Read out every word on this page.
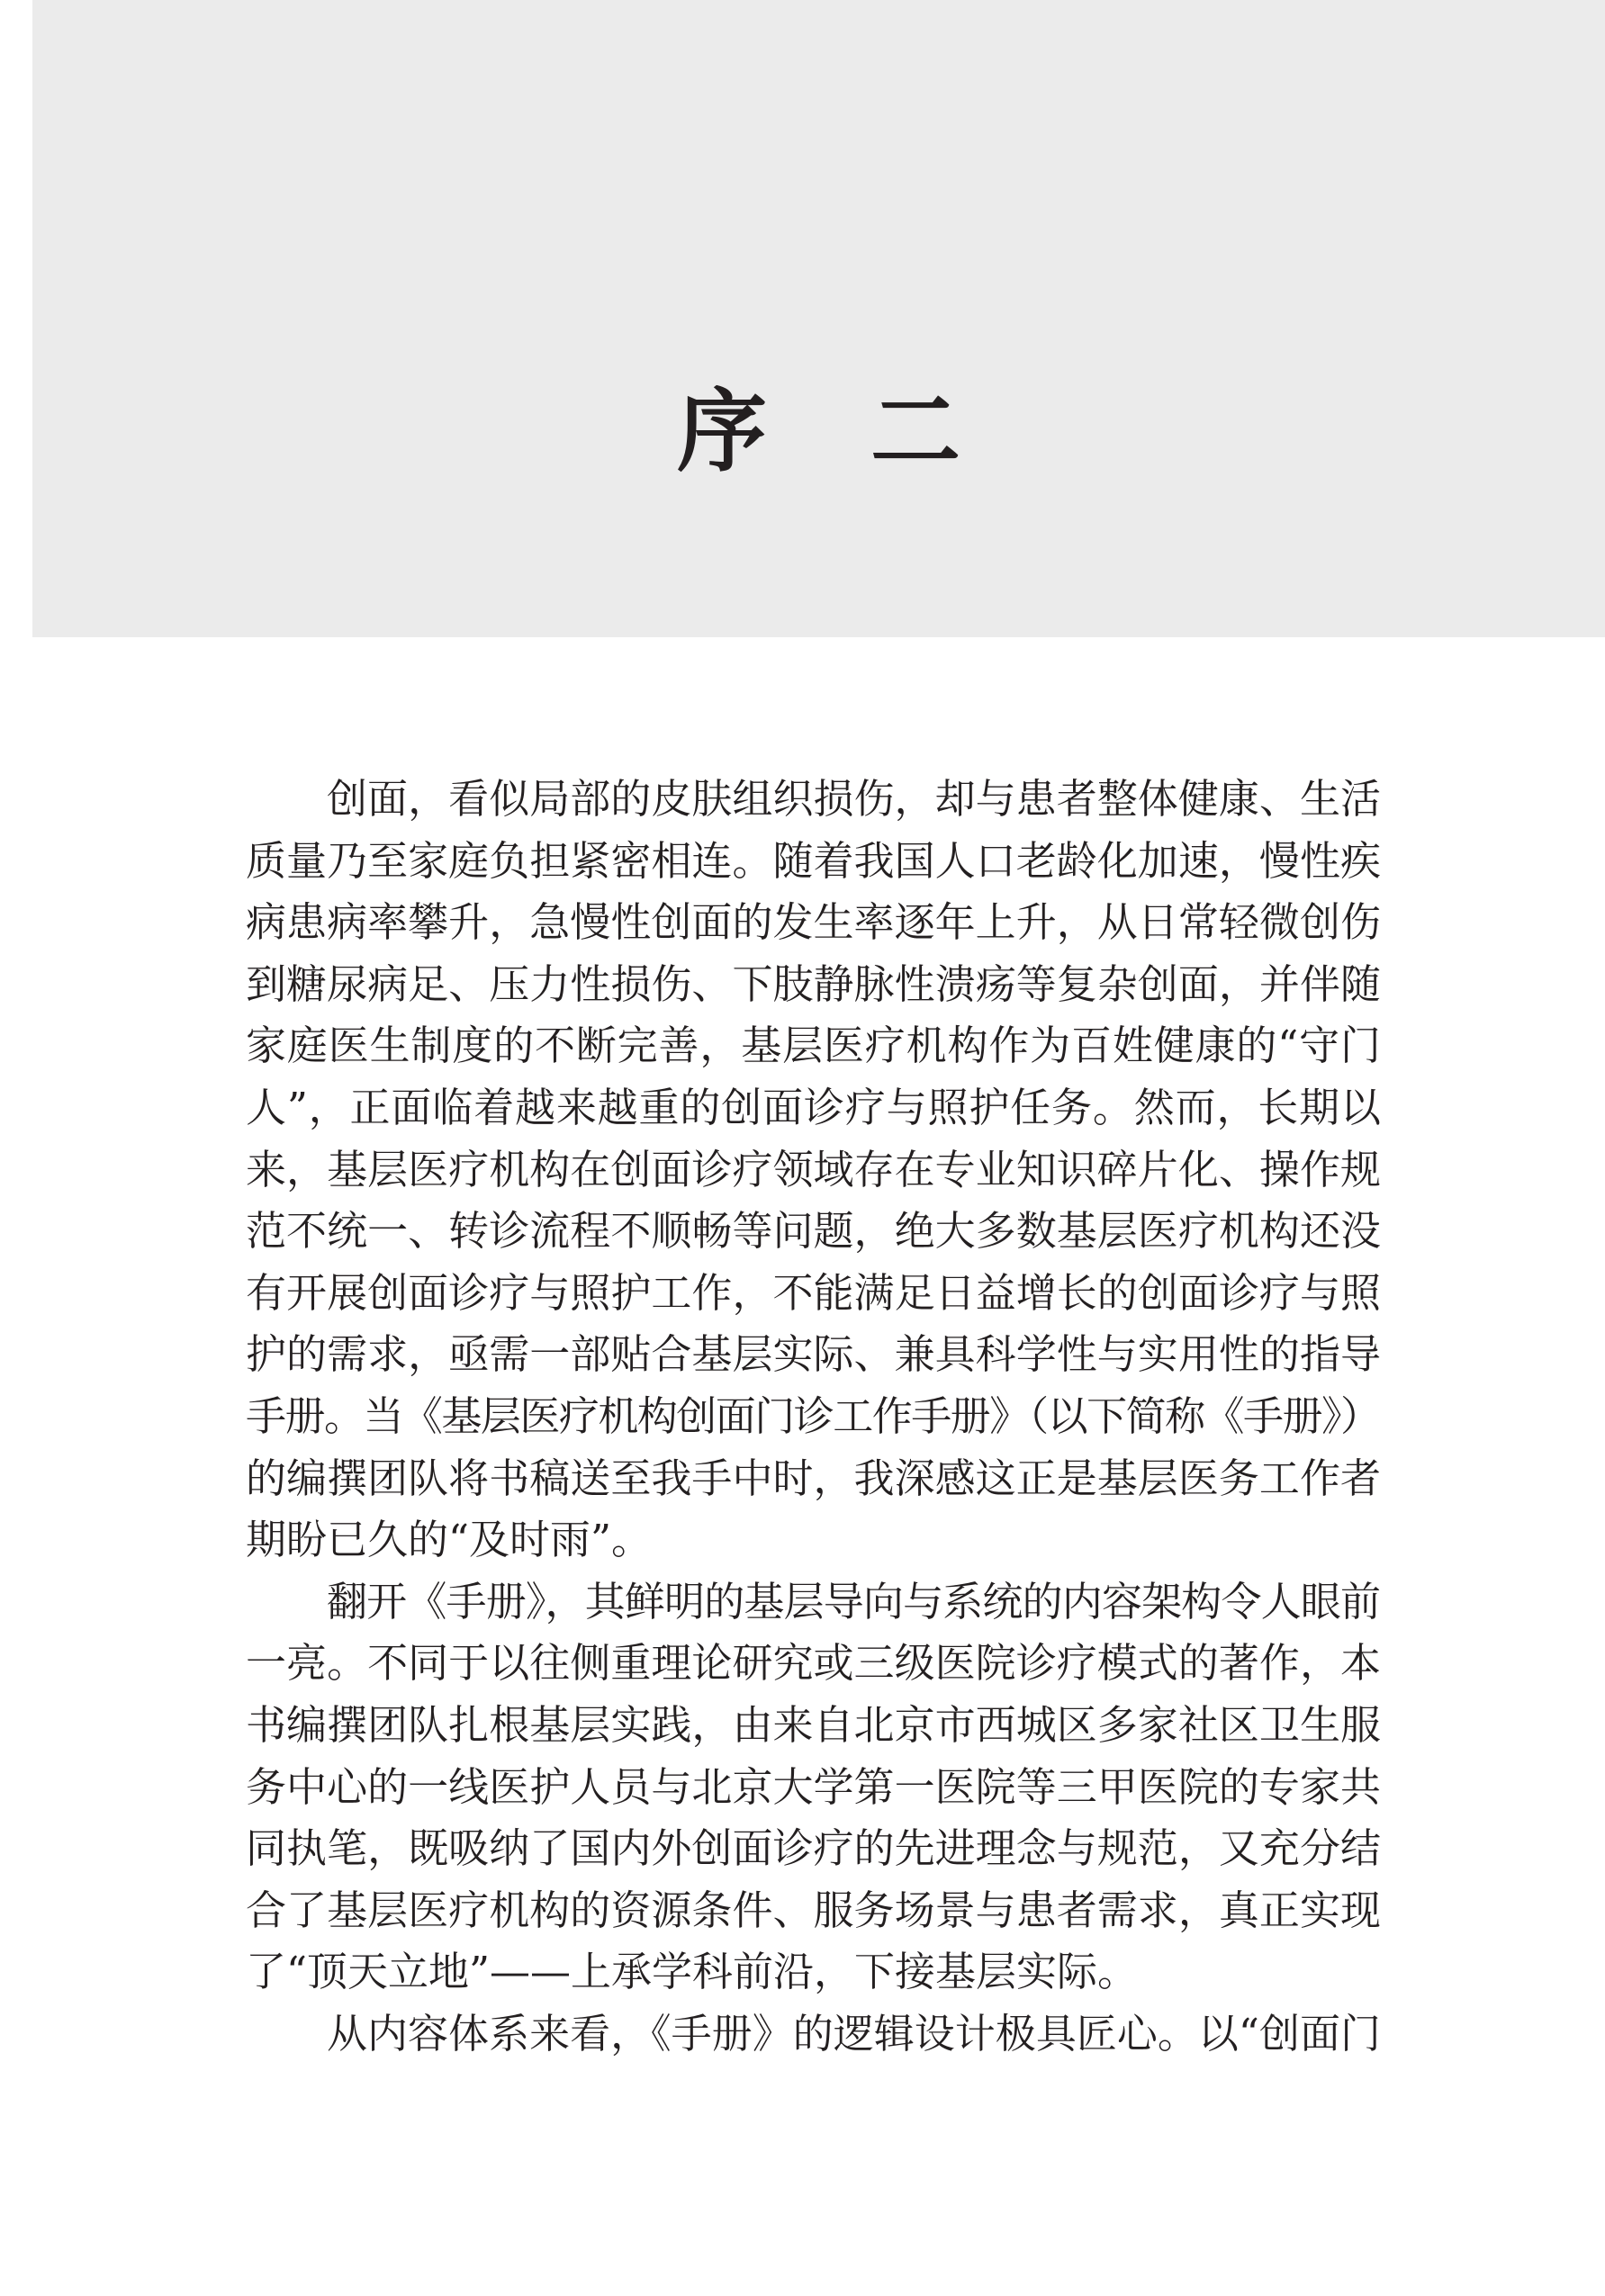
序二
创面，看似局部的皮肤组织损伤，却与患者整体健康、生活
质量乃至家庭负担紧密相连。随着我国人口老龄化加速，慢性疾
病患病率攀升，急慢性创面的发生率逐年上升，从日常轻微创伤
到糖尿病足、压力性损伤、下肢静脉性溃疡等复杂创面，并伴随
家庭医生制度的不断完善，基层医疗机构作为百姓健康的“守门
人”，正面临着越来越重的创面诊疗与照护任务。然而，长期以
来，基层医疗机构在创面诊疗领域存在专业知识碎片化、操作规
范不统一、转诊流程不顺畅等问题，绝大多数基层医疗机构还没
有开展创面诊疗与照护工作，不能满足日益增长的创面诊疗与照
护的需求，亟需一部贴合基层实际、兼具科学性与实用性的指导
手册。当《基层医疗机构创面门诊工作手册》（以下简称《手册》）
的编撰团队将书稿送至我手中时，我深感这正是基层医务工作者
期盼已久的“及时雨”。
翻开《手册》，其鲜明的基层导向与系统的内容架构令人眼前
一亮。不同于以往侧重理论研究或三级医院诊疗模式的著作，本
书编撰团队扎根基层实践，由来自北京市西城区多家社区卫生服
务中心的一线医护人员与北京大学第一医院等三甲医院的专家共
同执笔，既吸纳了国内外创面诊疗的先进理念与规范，又充分结
合了基层医疗机构的资源条件、服务场景与患者需求，真正实现
了“顶天立地”——上承学科前沿，下接基层实际。
从内容体系来看，《手册》的逻辑设计极具匠心。以“创面门
